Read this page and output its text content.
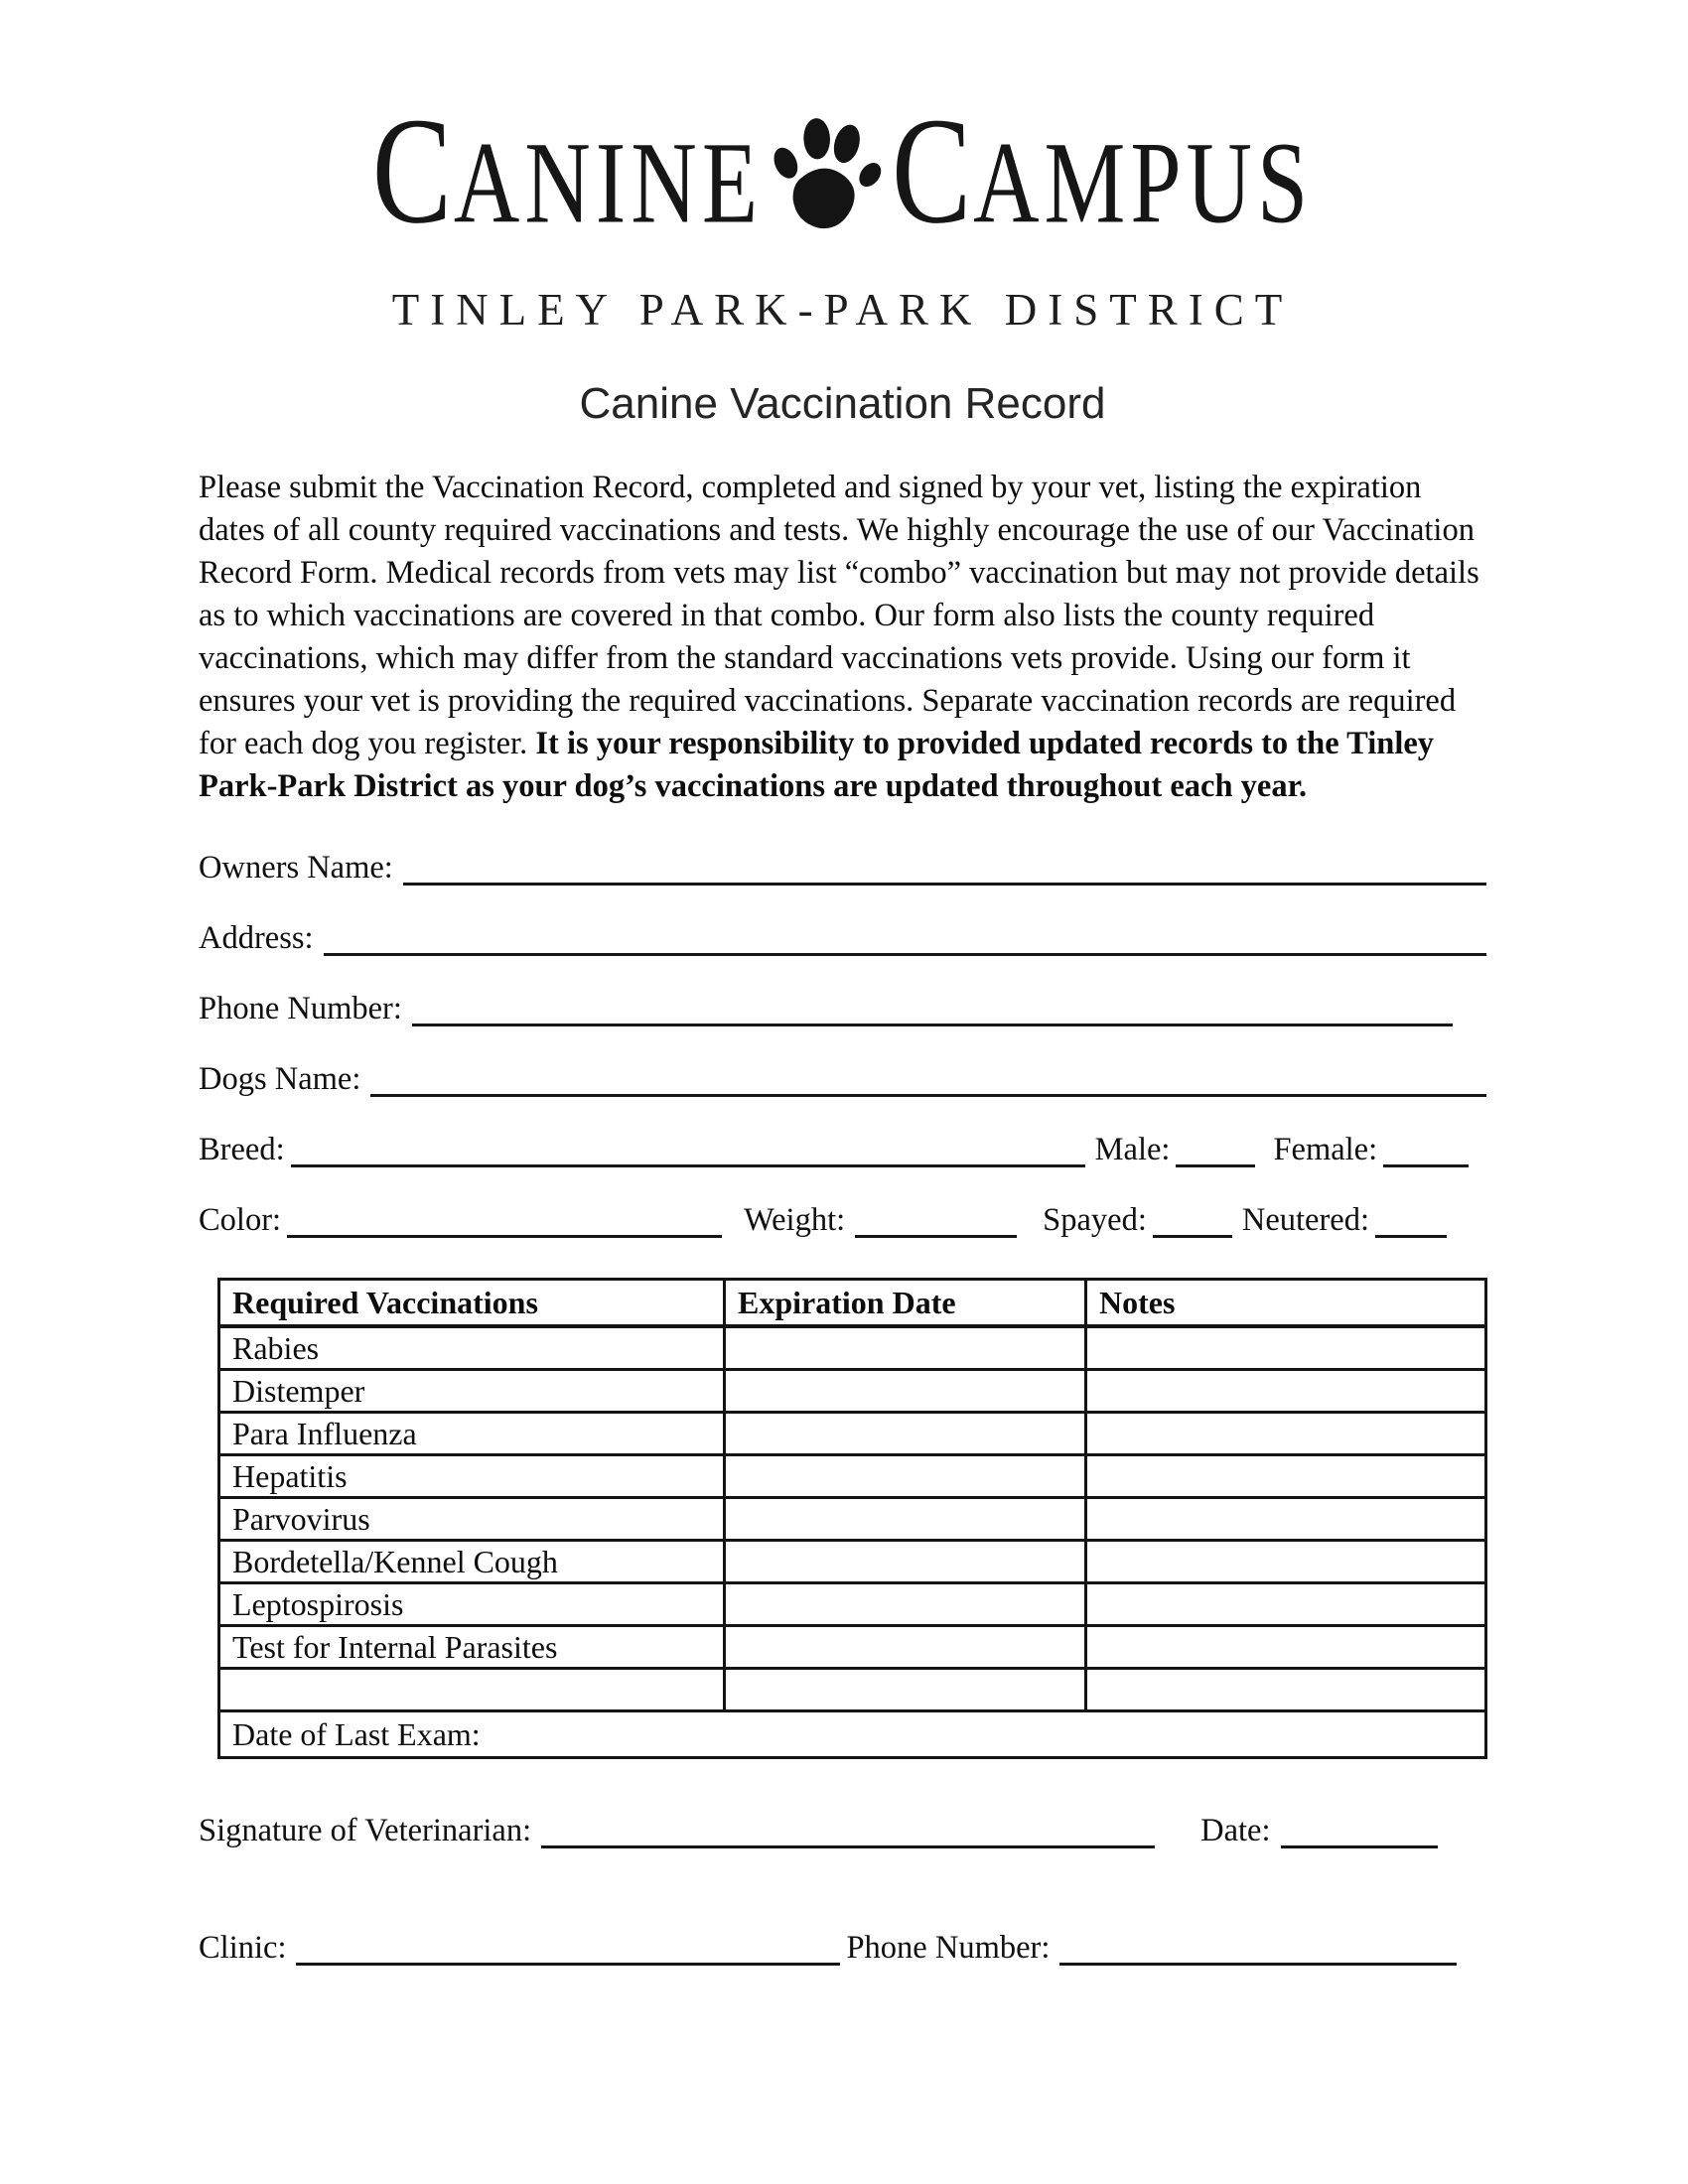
CANINE CAMPUS
TINLEY PARK-PARK DISTRICT
Canine Vaccination Record

Please submit the Vaccination Record, completed and signed by your vet, listing the expiration dates of all county required vaccinations and tests. We highly encourage the use of our Vaccination Record Form. Medical records from vets may list “combo” vaccination but may not provide details as to which vaccinations are covered in that combo. Our form also lists the county required vaccinations, which may differ from the standard vaccinations vets provide. Using our form it ensures your vet is providing the required vaccinations. Separate vaccination records are required for each dog you register. It is your responsibility to provided updated records to the Tinley Park-Park District as your dog’s vaccinations are updated throughout each year.

Owners Name:
Address:
Phone Number:
Dogs Name:
Breed:	Male:	Female:
Color:	Weight:	Spayed:	Neutered:
Required Vaccinations	Expiration Date	Notes
Rabies		
Distemper		
Para Influenza		
Hepatitis		
Parvovirus		
Bordetella/Kennel Cough		
Leptospirosis		
Test for Internal Parasites		

Date of Last Exam:		
Signature of Veterinarian:	Date:
Clinic:	Phone Number:
